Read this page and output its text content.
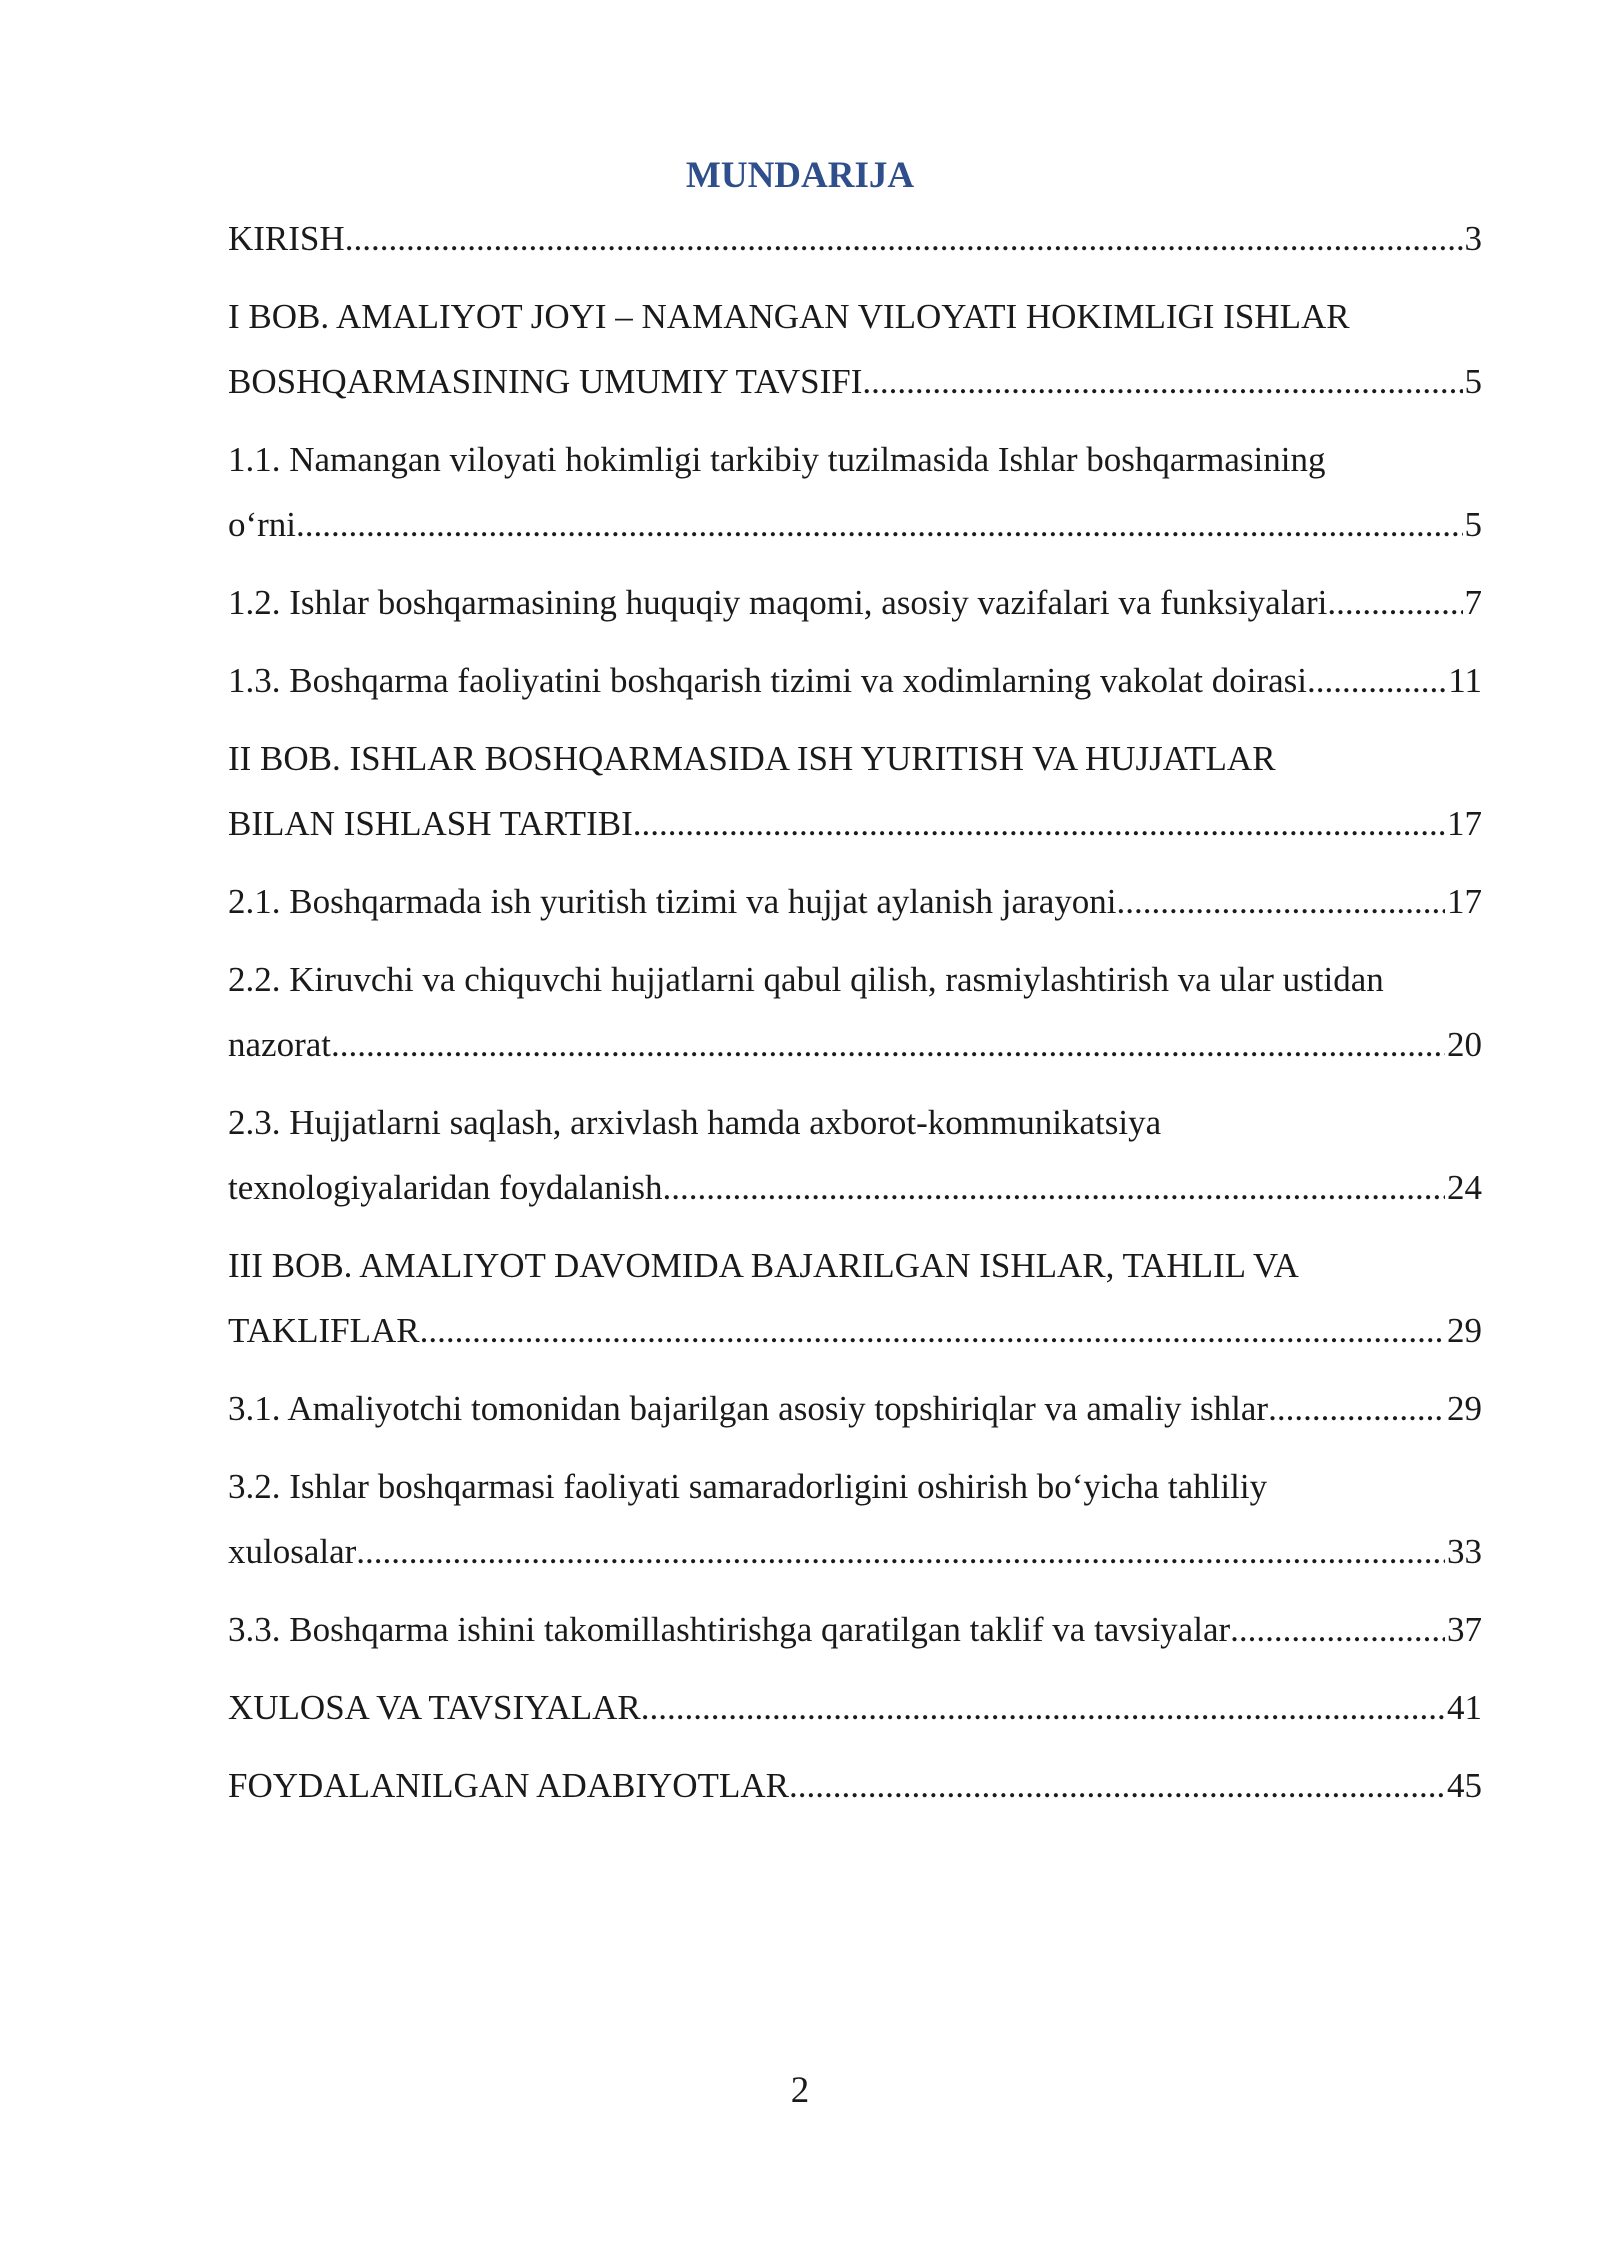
MUNDARIJA
KIRISH .....	3
I BOB. AMALIYOT JOYI – NAMANGAN VILOYATI HOKIMLIGI ISHLAR
BOSHQARMASINING UMUMIY TAVSIFI .....	5
1.1. Namangan viloyati hokimligi tarkibiy tuzilmasida Ishlar boshqarmasining
o‘rni .....	5
1.2. Ishlar boshqarmasining huquqiy maqomi, asosiy vazifalari va funksiyalari. .....	7
1.3. Boshqarma faoliyatini boshqarish tizimi va xodimlarning vakolat doirasi .....	11
II BOB. ISHLAR BOSHQARMASIDA ISH YURITISH VA HUJJATLAR
BILAN ISHLASH TARTIBI .....	17
2.1. Boshqarmada ish yuritish tizimi va hujjat aylanish jarayoni .....	17
2.2. Kiruvchi va chiquvchi hujjatlarni qabul qilish, rasmiylashtirish va ular ustidan
nazorat .....	20
2.3. Hujjatlarni saqlash, arxivlash hamda axborot-kommunikatsiya
texnologiyalaridan foydalanish .....	24
III BOB. AMALIYOT DAVOMIDA BAJARILGAN ISHLAR, TAHLIL VA
TAKLIFLAR .....	29
3.1. Amaliyotchi tomonidan bajarilgan asosiy topshiriqlar va amaliy ishlar .....	29
3.2. Ishlar boshqarmasi faoliyati samaradorligini oshirish bo‘yicha tahliliy
xulosalar .....	33
3.3. Boshqarma ishini takomillashtirishga qaratilgan taklif va tavsiyalar .....	37
XULOSA VA TAVSIYALAR .....	41
FOYDALANILGAN ADABIYOTLAR .....	45

2
